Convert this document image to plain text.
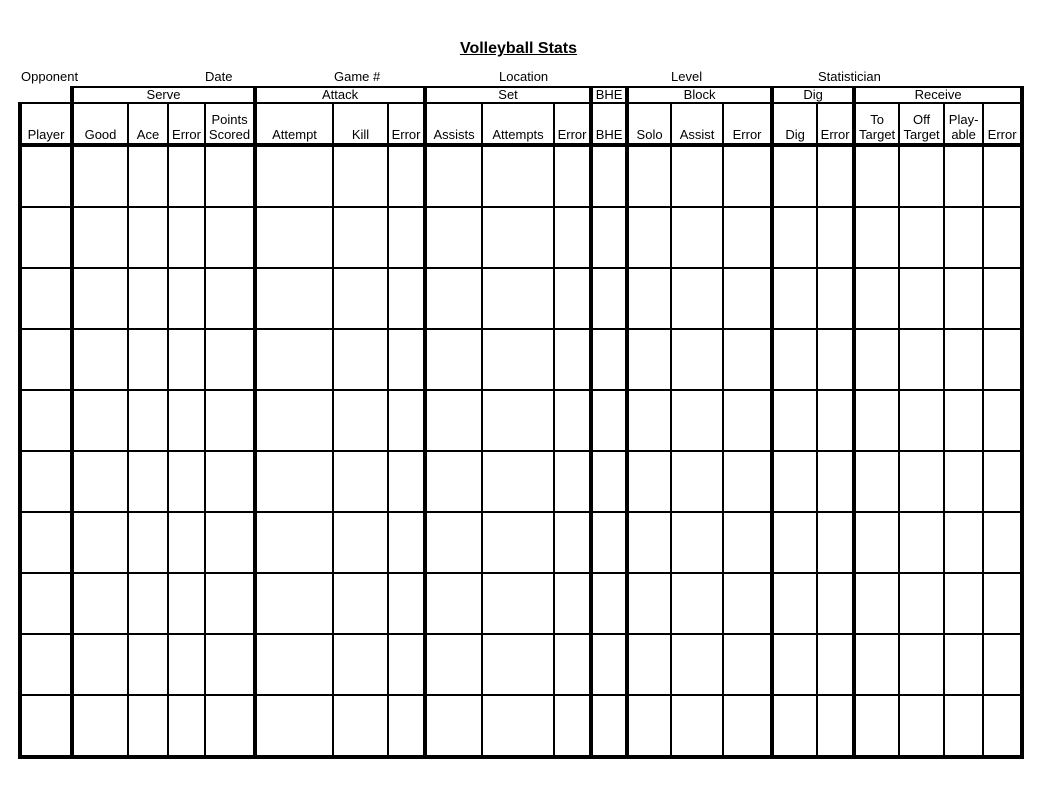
Volleyball Stats
Opponent	Date	Game #	Location	Level	Statistician
	Serve				Attack			Set			BHE	Block			Dig		Receive			
Player	Good	Ace	Error	Points Scored	Attempt	Kill	Error	Assists	Attempts	Error	BHE	Solo	Assist	Error	Dig	Error	To Target	Off Target	Play- able	Error
